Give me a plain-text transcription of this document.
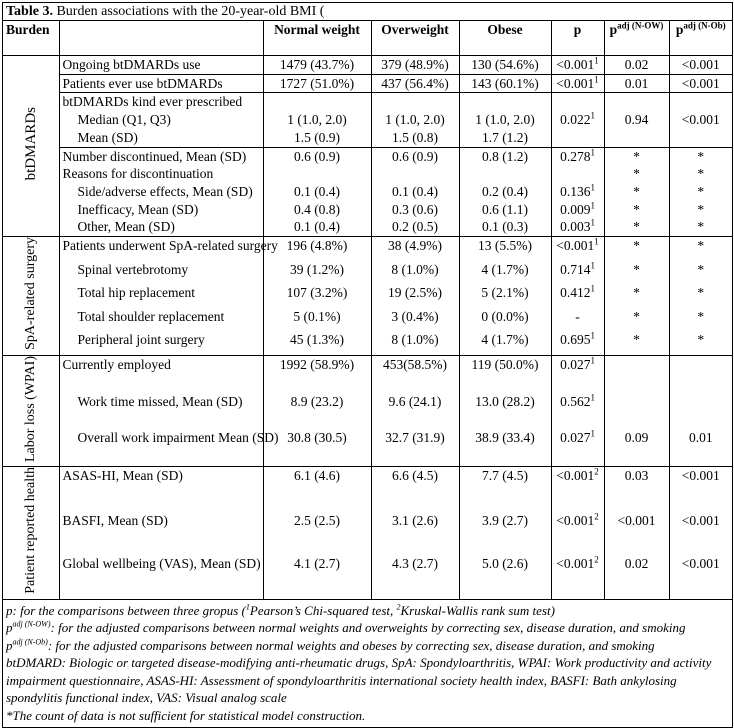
Table 3. Burden associations with the 20-year-old BMI (
Burden		Normal weight	Overweight	Obese	p	$p^{adj (N-OW)}$	$p^{adj (N-Ob)}$
btDMARDs	Ongoing btDMARDs use	1479 (43.7%)	379 (48.9%)	130 (54.6%)	$<0.001^1$	0.02	<0.001
	Patients ever use btDMARDs	1727 (51.0%)	437 (56.4%)	143 (60.1%)	$<0.001^1$	0.01	<0.001
	btDMARDs kind ever prescribed						
	Median (Q1, Q3)	1 (1.0, 2.0)	1 (1.0, 2.0)	1 (1.0, 2.0)	0.022$^1$	0.94	<0.001
	Mean (SD)	1.5 (0.9)	1.5 (0.8)	1.7 (1.2)			
	Number discontinued, Mean (SD)	0.6 (0.9)	0.6 (0.9)	0.8 (1.2)	0.278$^1$	*	*
	Reasons for discontinuation					*	*
	Side/adverse effects, Mean (SD)	0.1 (0.4)	0.1 (0.4)	0.2 (0.4)	0.136$^1$	*	*
	Inefficacy, Mean (SD)	0.4 (0.8)	0.3 (0.6)	0.6 (1.1)	0.009$^1$	*	*
	Other, Mean (SD)	0.1 (0.4)	0.2 (0.5)	0.1 (0.3)	0.003$^1$	*	*
SpA-related surgery	Patients underwent SpA-related surgery	196 (4.8%)	38 (4.9%)	13 (5.5%)	$<0.001^1$	*	*
	Spinal vertebrotomy	39 (1.2%)	8 (1.0%)	4 (1.7%)	0.714$^1$	*	*
	Total hip replacement	107 (3.2%)	19 (2.5%)	5 (2.1%)	0.412$^1$	*	*
	Total shoulder replacement	5 (0.1%)	3 (0.4%)	0 (0.0%)	-	*	*
	Peripheral joint surgery	45 (1.3%)	8 (1.0%)	4 (1.7%)	0.695$^1$	*	*
Labor loss (WPAI)	Currently employed	1992 (58.9%)	453(58.5%)	119 (50.0%)	0.027$^1$		
	Work time missed, Mean (SD)	8.9 (23.2)	9.6 (24.1)	13.0 (28.2)	0.562$^1$		
	Overall work impairment Mean (SD)	30.8 (30.5)	32.7 (31.9)	38.9 (33.4)	0.027$^1$	0.09	0.01
Patient reported health	ASAS-HI, Mean (SD)	6.1 (4.6)	6.6 (4.5)	7.7 (4.5)	$<0.001^2$	0.03	<0.001
	BASFI, Mean (SD)	2.5 (2.5)	3.1 (2.6)	3.9 (2.7)	$<0.001^2$	<0.001	<0.001
	Global wellbeing (VAS), Mean (SD)	4.1 (2.7)	4.3 (2.7)	5.0 (2.6)	$<0.001^2$	0.02	<0.001
p: for the comparisons between three gropus ($^1$Pearson’s Chi-squared test, $^2$Kruskal-Wallis rank sum test)
$p^{adj (N-OW)}$: for the adjusted comparisons between normal weights and overweights by correcting sex, disease duration, and smoking
$p^{adj (N-Ob)}$: for the adjusted comparisons between normal weights and obeses by correcting sex, disease duration, and smoking
btDMARD: Biologic or targeted disease-modifying anti-rheumatic drugs, SpA: Spondyloarthritis, WPAI: Work productivity and activity impairment questionnaire, ASAS-HI: Assessment of spondyloarthritis international society health index, BASFI: Bath ankylosing spondylitis functional index, VAS: Visual analog scale
*The count of data is not sufficient for statistical model construction.
